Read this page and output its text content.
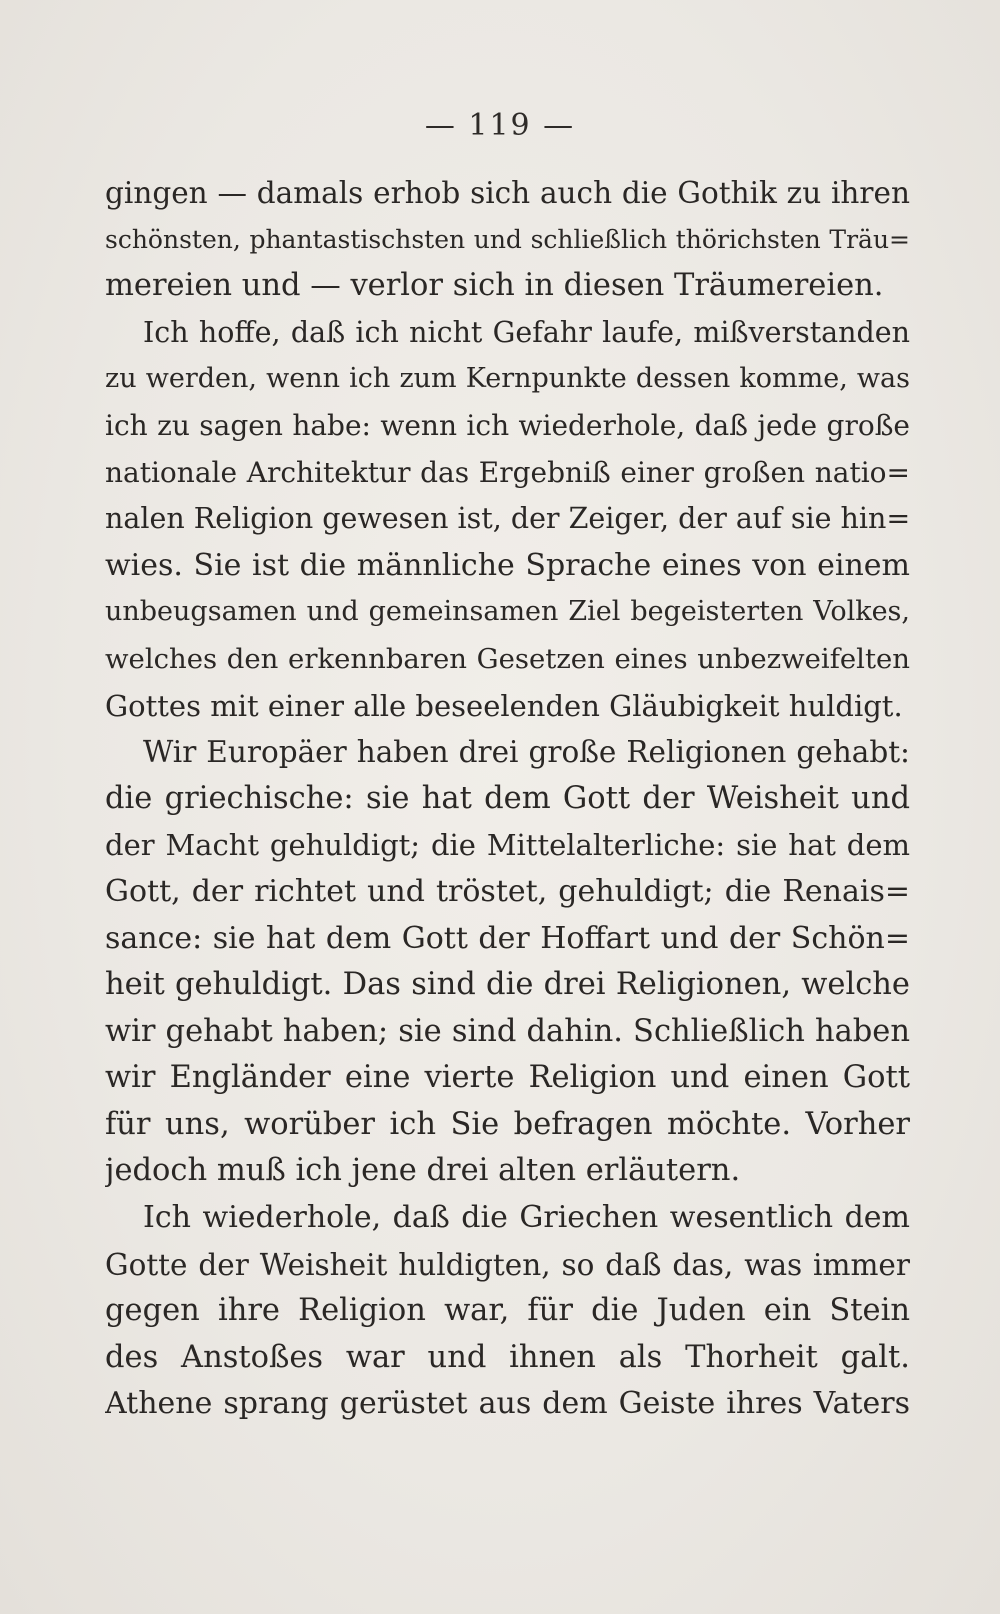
— 119 —
gingen — damals erhob sich auch die Gothik zu ihren
schönsten, phantastischsten und schließlich thörichsten Träu=
mereien und — verlor sich in diesen Träumereien.
Ich hoffe, daß ich nicht Gefahr laufe, mißverstanden
zu werden, wenn ich zum Kernpunkte dessen komme, was
ich zu sagen habe: wenn ich wiederhole, daß jede große
nationale Architektur das Ergebniß einer großen natio=
nalen Religion gewesen ist, der Zeiger, der auf sie hin=
wies. Sie ist die männliche Sprache eines von einem
unbeugsamen und gemeinsamen Ziel begeisterten Volkes,
welches den erkennbaren Gesetzen eines unbezweifelten
Gottes mit einer alle beseelenden Gläubigkeit huldigt.
Wir Europäer haben drei große Religionen gehabt:
die griechische: sie hat dem Gott der Weisheit und
der Macht gehuldigt; die Mittelalterliche: sie hat dem
Gott, der richtet und tröstet, gehuldigt; die Renais=
sance: sie hat dem Gott der Hoffart und der Schön=
heit gehuldigt. Das sind die drei Religionen, welche
wir gehabt haben; sie sind dahin. Schließlich haben
wir Engländer eine vierte Religion und einen Gott
für uns, worüber ich Sie befragen möchte. Vorher
jedoch muß ich jene drei alten erläutern.
Ich wiederhole, daß die Griechen wesentlich dem
Gotte der Weisheit huldigten, so daß das, was immer
gegen ihre Religion war, für die Juden ein Stein
des Anstoßes war und ihnen als Thorheit galt.
Athene sprang gerüstet aus dem Geiste ihres Vaters
